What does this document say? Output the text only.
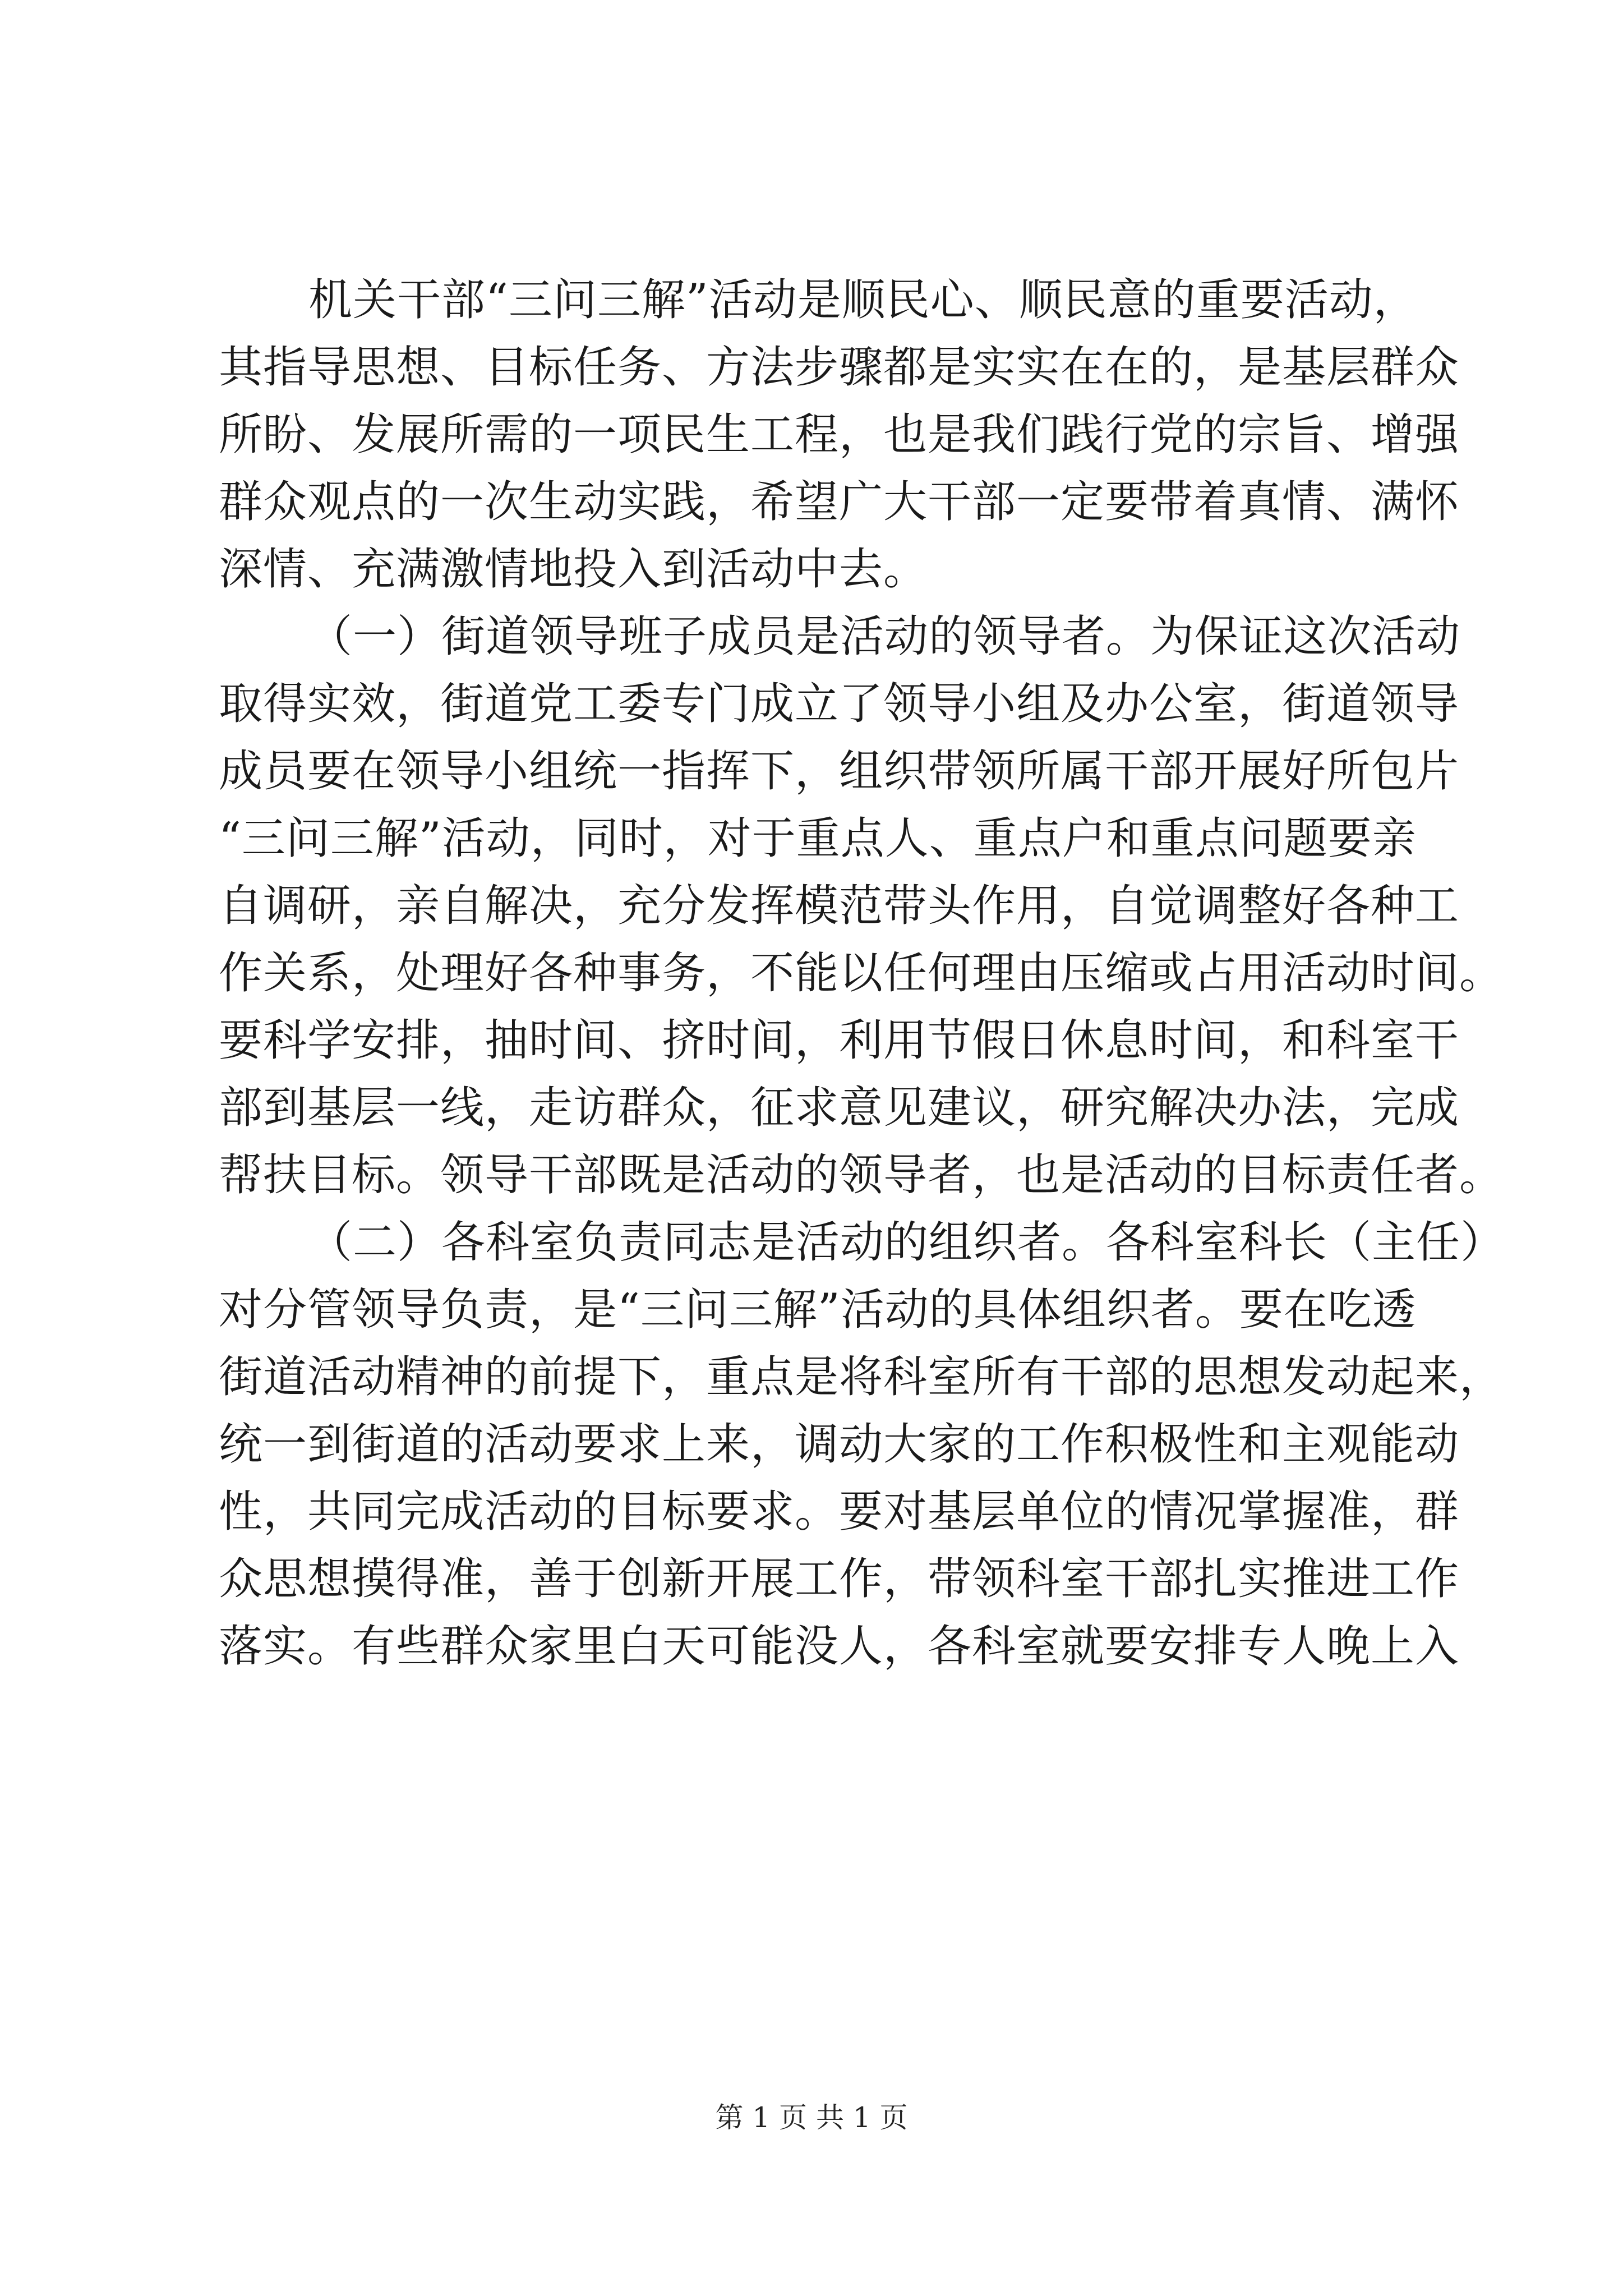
机关干部“三问三解”活动是顺民心、顺民意的重要活动，
其指导思想、目标任务、方法步骤都是实实在在的，是基层群众
所盼、发展所需的一项民生工程，也是我们践行党的宗旨、增强
群众观点的一次生动实践，希望广大干部一定要带着真情、满怀
深情、充满激情地投入到活动中去。
（一）街道领导班子成员是活动的领导者。为保证这次活动
取得实效，街道党工委专门成立了领导小组及办公室，街道领导
成员要在领导小组统一指挥下，组织带领所属干部开展好所包片
“三问三解”活动，同时，对于重点人、重点户和重点问题要亲
自调研，亲自解决，充分发挥模范带头作用，自觉调整好各种工
作关系，处理好各种事务，不能以任何理由压缩或占用活动时间。
要科学安排，抽时间、挤时间，利用节假日休息时间，和科室干
部到基层一线，走访群众，征求意见建议，研究解决办法，完成
帮扶目标。领导干部既是活动的领导者，也是活动的目标责任者。
（二）各科室负责同志是活动的组织者。各科室科长（主任）
对分管领导负责，是“三问三解”活动的具体组织者。要在吃透
街道活动精神的前提下，重点是将科室所有干部的思想发动起来，
统一到街道的活动要求上来，调动大家的工作积极性和主观能动
性，共同完成活动的目标要求。要对基层单位的情况掌握准，群
众思想摸得准，善于创新开展工作，带领科室干部扎实推进工作
落实。有些群众家里白天可能没人，各科室就要安排专人晚上入
第 1 页 共 1 页
